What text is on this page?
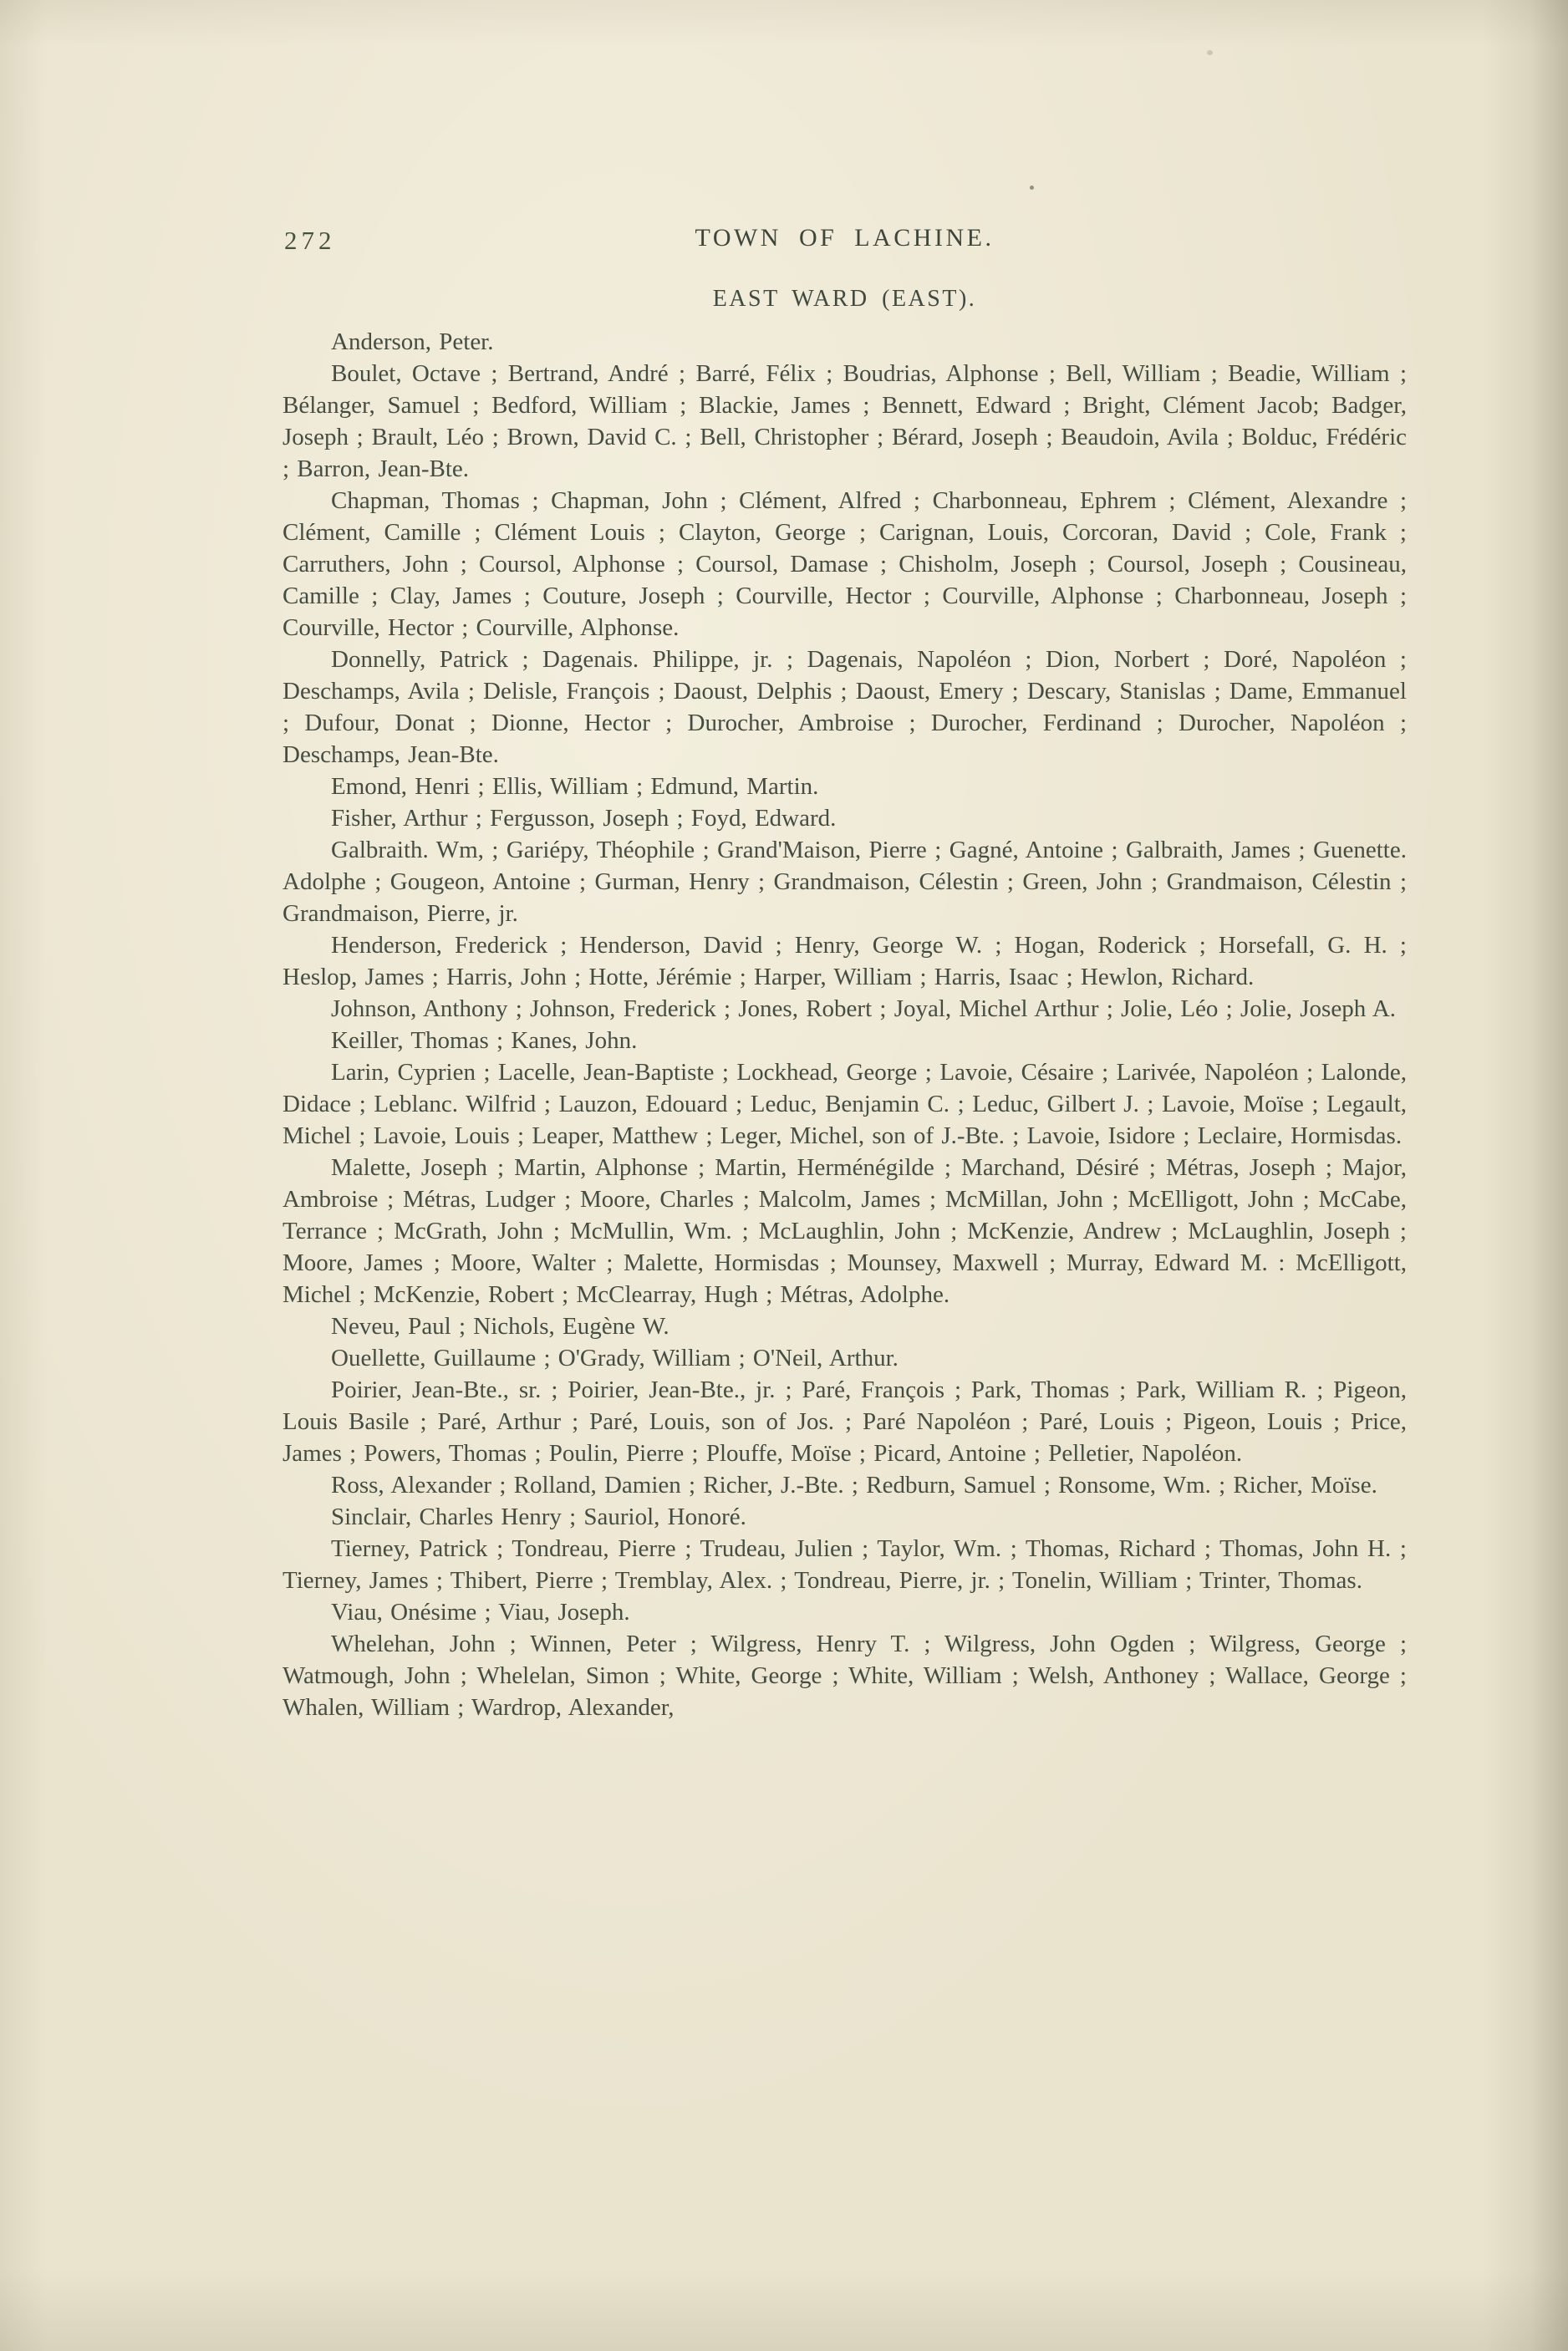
272	TOWN OF LACHINE.
EAST WARD (EAST).

Anderson, Peter.

Boulet, Octave ; Bertrand, André ; Barré, Félix ; Boudrias, Alphonse ; Bell, William ; Beadie, William ; Bélanger, Samuel ; Bedford, William ; Blackie, James ; Bennett, Edward ; Bright, Clément Jacob; Badger, Joseph ; Brault, Léo ; Brown, David C. ; Bell, Christopher ; Bérard, Joseph ; Beaudoin, Avila ; Bolduc, Frédéric ; Barron, Jean-Bte.

Chapman, Thomas ; Chapman, John ; Clément, Alfred ; Charbonneau, Ephrem ; Clément, Alexandre ; Clément, Camille ; Clément Louis ; Clayton, George ; Carignan, Louis, Corcoran, David ; Cole, Frank ; Carruthers, John ; Coursol, Alphonse ; Coursol, Damase ; Chisholm, Joseph ; Coursol, Joseph ; Cousineau, Camille ; Clay, James ; Couture, Joseph ; Courville, Hector ; Courville, Alphonse ; Charbonneau, Joseph ; Courville, Hector ; Courville, Alphonse.

Donnelly, Patrick ; Dagenais. Philippe, jr. ; Dagenais, Napoléon ; Dion, Norbert ; Doré, Napoléon ; Deschamps, Avila ; Delisle, François ; Daoust, Delphis ; Daoust, Emery ; Descary, Stanislas ; Dame, Emmanuel ; Dufour, Donat ; Dionne, Hector ; Durocher, Ambroise ; Durocher, Ferdinand ; Durocher, Napoléon ; Deschamps, Jean-Bte.

Emond, Henri ; Ellis, William ; Edmund, Martin.

Fisher, Arthur ; Fergusson, Joseph ; Foyd, Edward.

Galbraith. Wm, ; Gariépy, Théophile ; Grand'Maison, Pierre ; Gagné, Antoine ; Galbraith, James ; Guenette. Adolphe ; Gougeon, Antoine ; Gurman, Henry ; Grandmaison, Célestin ; Green, John ; Grandmaison, Célestin ; Grandmaison, Pierre, jr.

Henderson, Frederick ; Henderson, David ; Henry, George W. ; Hogan, Roderick ; Horsefall, G. H. ; Heslop, James ; Harris, John ; Hotte, Jérémie ; Harper, William ; Harris, Isaac ; Hewlon, Richard.

Johnson, Anthony ; Johnson, Frederick ; Jones, Robert ; Joyal, Michel Arthur ; Jolie, Léo ; Jolie, Joseph A.

Keiller, Thomas ; Kanes, John.

Larin, Cyprien ; Lacelle, Jean-Baptiste ; Lockhead, George ; Lavoie, Césaire ; Larivée, Napoléon ; Lalonde, Didace ; Leblanc. Wilfrid ; Lauzon, Edouard ; Leduc, Benjamin C. ; Leduc, Gilbert J. ; Lavoie, Moïse ; Legault, Michel ; Lavoie, Louis ; Leaper, Matthew ; Leger, Michel, son of J.-Bte. ; Lavoie, Isidore ; Leclaire, Hormisdas.

Malette, Joseph ; Martin, Alphonse ; Martin, Herménégilde ; Marchand, Désiré ; Métras, Joseph ; Major, Ambroise ; Métras, Ludger ; Moore, Charles ; Malcolm, James ; McMillan, John ; McElligott, John ; McCabe, Terrance ; McGrath, John ; McMullin, Wm. ; McLaughlin, John ; McKenzie, Andrew ; McLaughlin, Joseph ; Moore, James ; Moore, Walter ; Malette, Hormisdas ; Mounsey, Maxwell ; Murray, Edward M. : McElligott, Michel ; McKenzie, Robert ; McClearray, Hugh ; Métras, Adolphe.

Neveu, Paul ; Nichols, Eugène W.

Ouellette, Guillaume ; O'Grady, William ; O'Neil, Arthur.

Poirier, Jean-Bte., sr. ; Poirier, Jean-Bte., jr. ; Paré, François ; Park, Thomas ; Park, William R. ; Pigeon, Louis Basile ; Paré, Arthur ; Paré, Louis, son of Jos. ; Paré Napoléon ; Paré, Louis ; Pigeon, Louis ; Price, James ; Powers, Thomas ; Poulin, Pierre ; Plouffe, Moïse ; Picard, Antoine ; Pelletier, Napoléon.

Ross, Alexander ; Rolland, Damien ; Richer, J.-Bte. ; Redburn, Samuel ; Ronsome, Wm. ; Richer, Moïse.

Sinclair, Charles Henry ; Sauriol, Honoré.

Tierney, Patrick ; Tondreau, Pierre ; Trudeau, Julien ; Taylor, Wm. ; Thomas, Richard ; Thomas, John H. ; Tierney, James ; Thibert, Pierre ; Tremblay, Alex. ; Tondreau, Pierre, jr. ; Tonelin, William ; Trinter, Thomas.

Viau, Onésime ; Viau, Joseph.

Whelehan, John ; Winnen, Peter ; Wilgress, Henry T. ; Wilgress, John Ogden ; Wilgress, George ; Watmough, John ; Whelelan, Simon ; White, George ; White, William ; Welsh, Anthoney ; Wallace, George ; Whalen, William ; Wardrop, Alexander,
